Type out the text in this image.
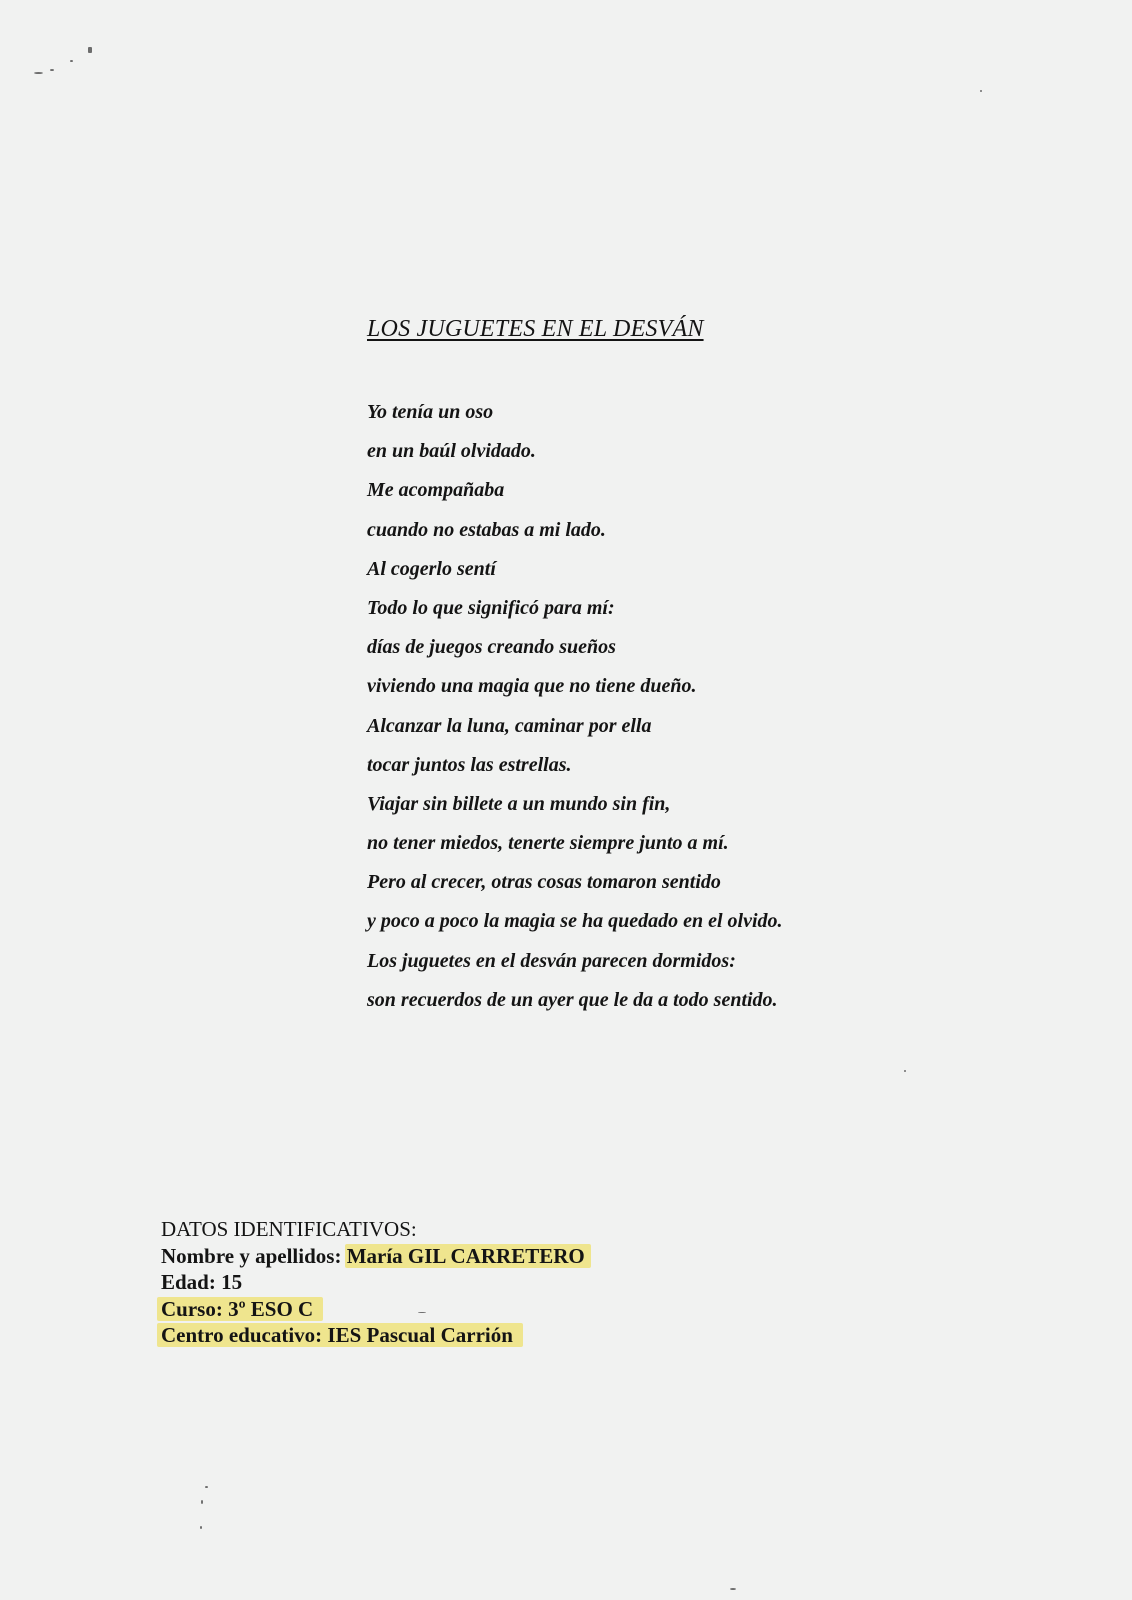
LOS JUGUETES EN EL DESVÁN
Yo tenía un oso
en un baúl olvidado.
Me acompañaba
cuando no estabas a mi lado.
Al cogerlo sentí
Todo lo que significó para mí:
días de juegos creando sueños
viviendo una magia que no tiene dueño.
Alcanzar la luna, caminar por ella
tocar juntos las estrellas.
Viajar sin billete a un mundo sin fin,
no tener miedos, tenerte siempre junto a mí.
Pero al crecer, otras cosas tomaron sentido
y poco a poco la magia se ha quedado en el olvido.
Los juguetes en el desván parecen dormidos:
son recuerdos de un ayer que le da a todo sentido.
DATOS IDENTIFICATIVOS:
Nombre y apellidos: María GIL CARRETERO
Edad: 15
Curso: 3º ESO C
Centro educativo: IES Pascual Carrión
